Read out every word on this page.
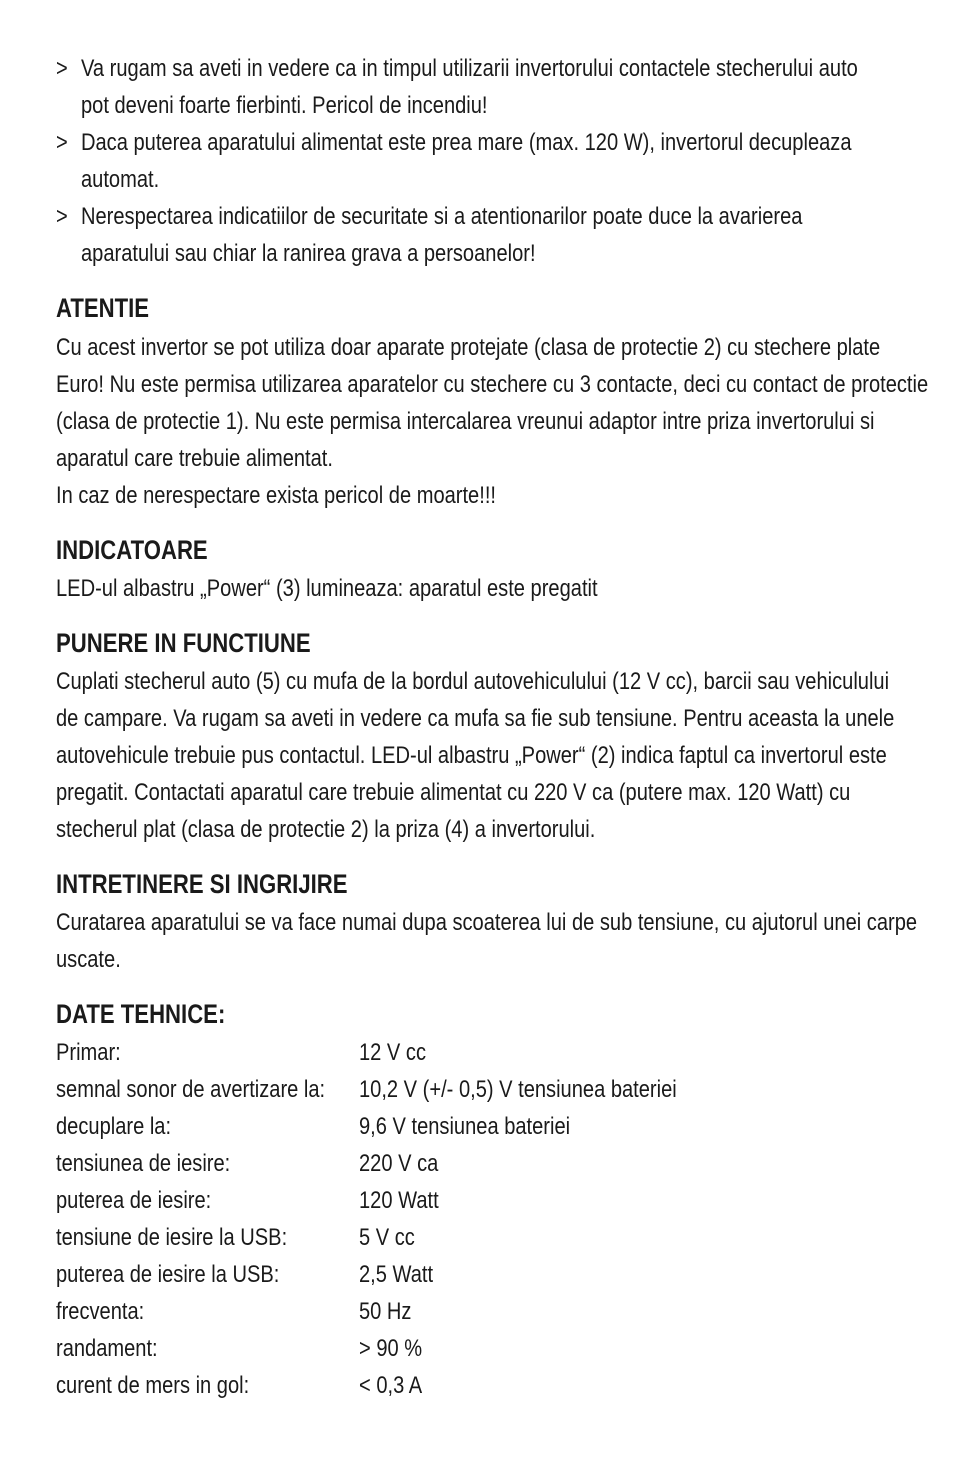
> Va rugam sa aveti in vedere ca in timpul utilizarii invertorului contactele stecherului auto
pot deveni foarte fierbinti. Pericol de incendiu!
> Daca puterea aparatului alimentat este prea mare (max. 120 W), invertorul decupleaza
automat.
> Nerespectarea indicatiilor de securitate si a atentionarilor poate duce la avarierea
aparatului sau chiar la ranirea grava a persoanelor!
ATENTIE
Cu acest invertor se pot utiliza doar aparate protejate (clasa de protectie 2) cu stechere plate
Euro! Nu este permisa utilizarea aparatelor cu stechere cu 3 contacte, deci cu contact de protectie
(clasa de protectie 1). Nu este permisa intercalarea vreunui adaptor intre priza invertorului si
aparatul care trebuie alimentat.
In caz de nerespectare exista pericol de moarte!!!
INDICATOARE
LED-ul albastru „Power“ (3) lumineaza: aparatul este pregatit
PUNERE IN FUNCTIUNE
Cuplati stecherul auto (5) cu mufa de la bordul autovehiculului (12 V cc), barcii sau vehiculului
de campare. Va rugam sa aveti in vedere ca mufa sa fie sub tensiune. Pentru aceasta la unele
autovehicule trebuie pus contactul. LED-ul albastru „Power“ (2) indica faptul ca invertorul este
pregatit. Contactati aparatul care trebuie alimentat cu 220 V ca (putere max. 120 Watt) cu
stecherul plat (clasa de protectie 2) la priza (4) a invertorului.
INTRETINERE SI INGRIJIRE
Curatarea aparatului se va face numai dupa scoaterea lui de sub tensiune, cu ajutorul unei carpe
uscate.
DATE TEHNICE:
Primar:	12 V cc
semnal sonor de avertizare la: 10,2 V (+/- 0,5) V tensiunea bateriei
decuplare la:	9,6 V tensiunea bateriei
tensiunea de iesire:	220 V ca
puterea de iesire:	120 Watt
tensiune de iesire la USB:	5 V cc
puterea de iesire la USB:	2,5 Watt
frecventa:	50 Hz
randament:	> 90 %
curent de mers in gol:	< 0,3 A
